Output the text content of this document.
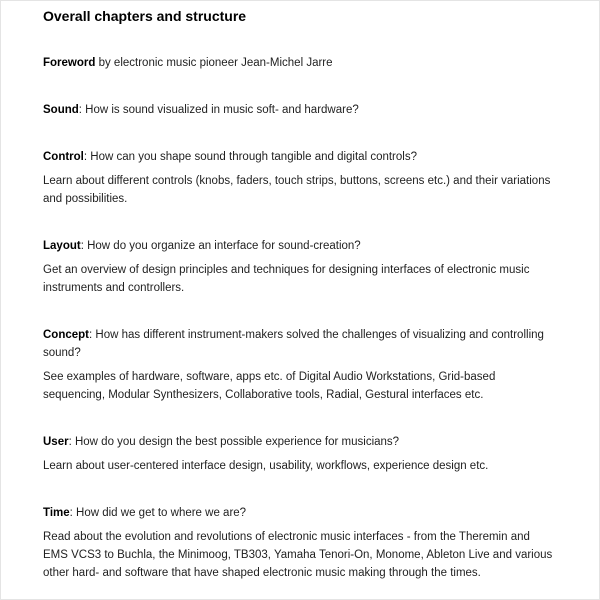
Overall chapters and structure

Foreword by electronic music pioneer Jean-Michel Jarre

Sound: How is sound visualized in music soft- and hardware?

Control: How can you shape sound through tangible and digital controls?

Learn about different controls (knobs, faders, touch strips, buttons, screens etc.) and their variations and possibilities.

Layout: How do you organize an interface for sound-creation?

Get an overview of design principles and techniques for designing interfaces of electronic music instruments and controllers.

Concept: How has different instrument-makers solved the challenges of visualizing and controlling sound?

See examples of hardware, software, apps etc. of Digital Audio Workstations, Grid-based sequencing, Modular Synthesizers, Collaborative tools, Radial, Gestural interfaces etc.

User: How do you design the best possible experience for musicians?

Learn about user-centered interface design, usability, workflows, experience design etc.

Time: How did we get to where we are?

Read about the evolution and revolutions of electronic music interfaces - from the Theremin and EMS VCS3 to Buchla, the Minimoog, TB303, Yamaha Tenori-On, Monome, Ableton Live and various other hard- and software that have shaped electronic music making through the times.
